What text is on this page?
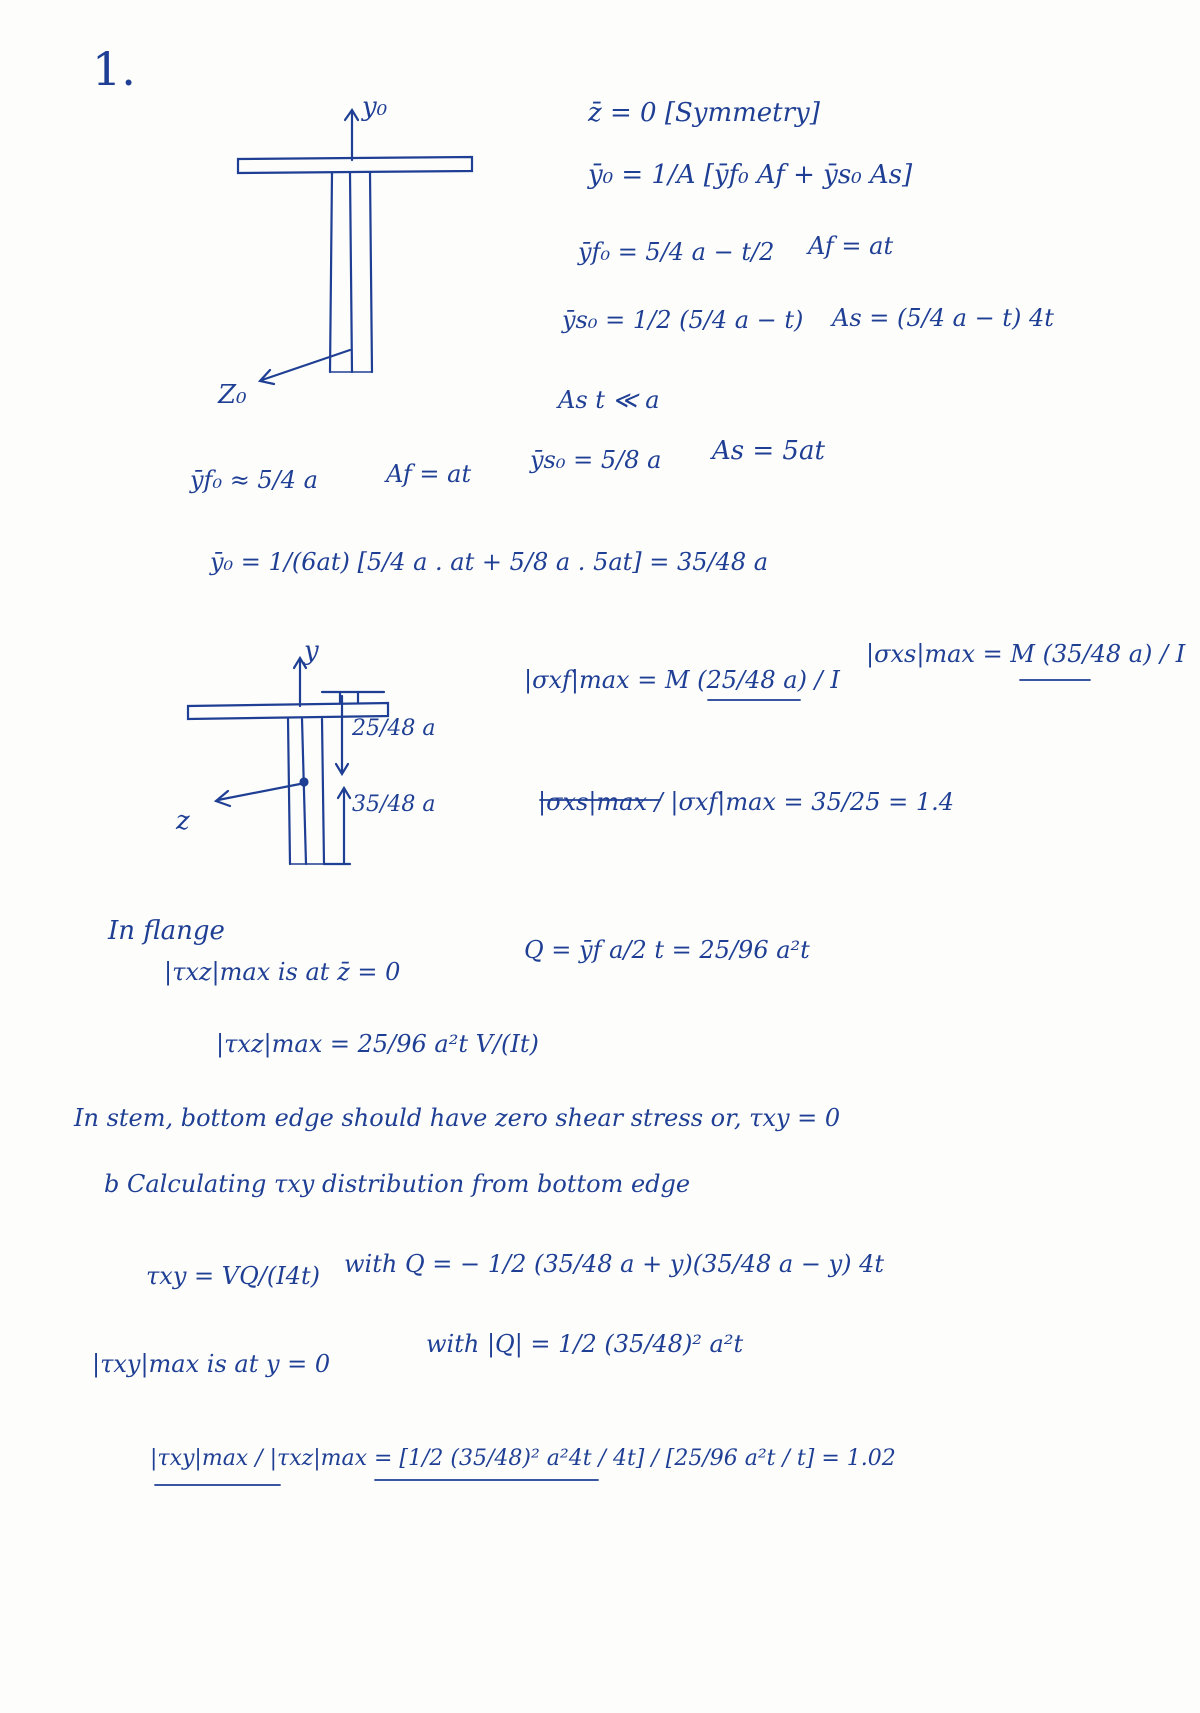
1.
y₀
Z₀
z̄ = 0 [Symmetry]
ȳ₀ = 1/A [ȳf₀ Af + ȳs₀ As]
ȳf₀ = 5/4 a − t/2 Af = at
ȳs₀ = 1/2 (5/4 a − t) As = (5/4 a − t) 4t
As t ≪ a
ȳf₀ ≈ 5/4 a	Af = at ȳs₀ = 5/8 a As = 5at
ȳ₀ = 1/(6at) [5/4 a . at + 5/8 a . 5at] = 35/48 a
y
z
25/48 a
35/48 a
|σxf|max = M (25/48 a) / I
|σxs|max = M (35/48 a) / I
|σxs|max / |σxf|max = 35/25 = 1.4
In flange
|τxz|max is at z̄ = 0
Q = ȳf a/2 t = 25/96 a²t
|τxz|max = 25/96 a²t V/(It)
In stem, bottom edge should have zero shear stress or, τxy = 0
b Calculating τxy distribution from bottom edge
τxy = VQ/(I4t) with Q = − 1/2 (35/48 a + y)(35/48 a − y) 4t
|τxy|max is at y = 0
with |Q| = 1/2 (35/48)² a²t
|τxy|max / |τxz|max = [1/2 (35/48)² a²4t / 4t] / [25/96 a²t / t] = 1.02
